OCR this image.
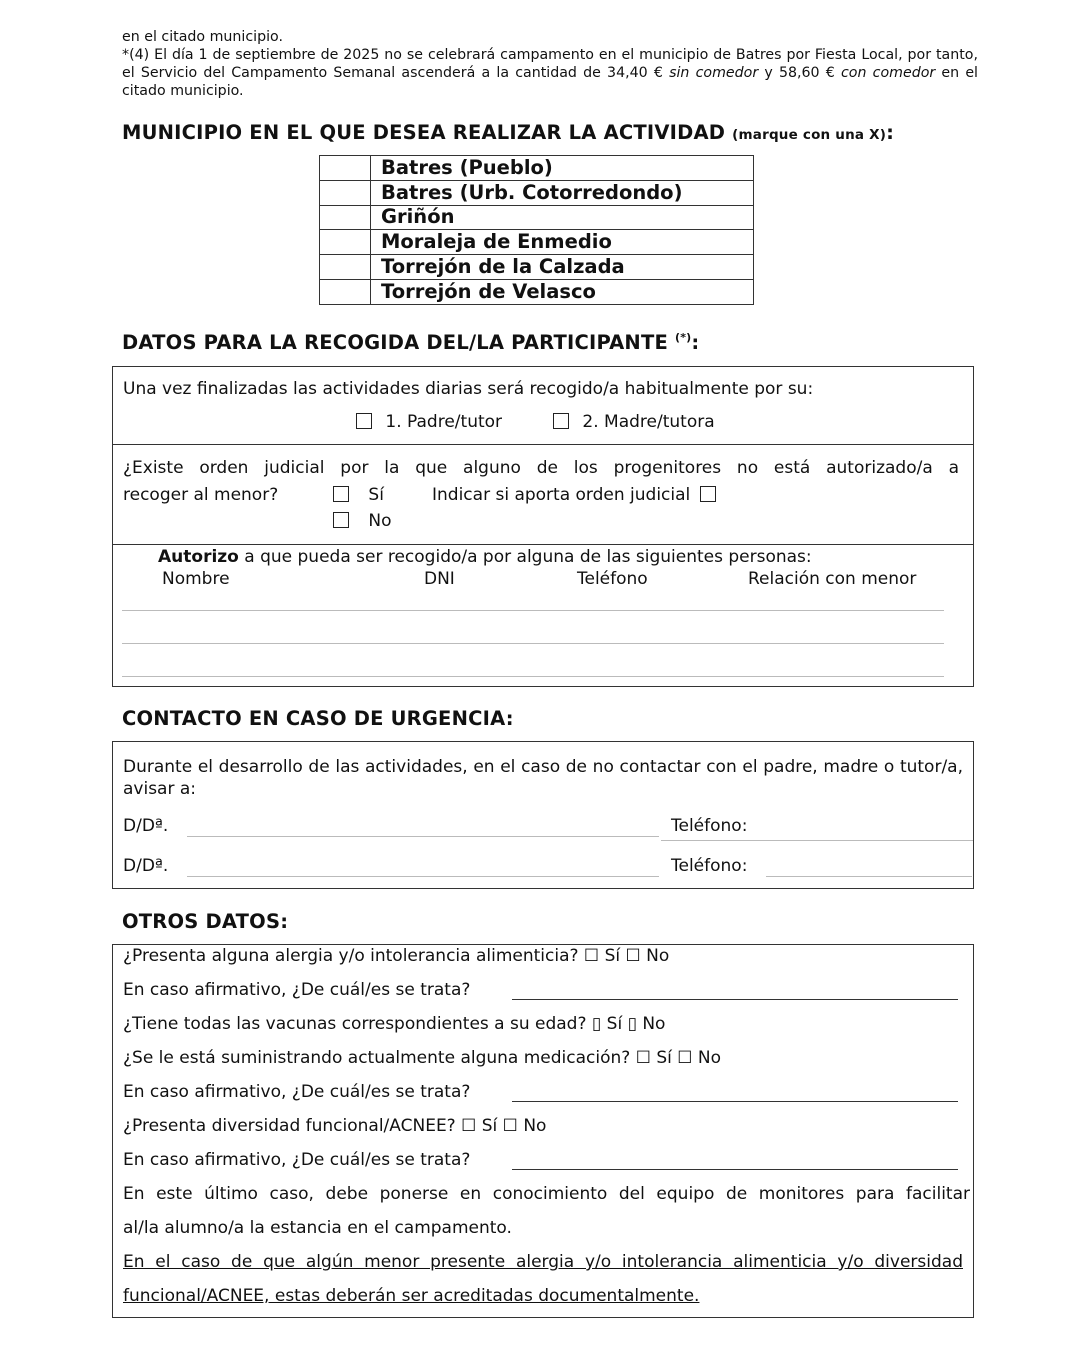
en el citado municipio.

*(4) El día 1 de septiembre de 2025 no se celebrará campamento en el municipio de Batres por Fiesta Local, por tanto, el Servicio del Campamento Semanal ascenderá a la cantidad de 34,40 € sin comedor y 58,60 € con comedor en el citado municipio.

MUNICIPIO EN EL QUE DESEA REALIZAR LA ACTIVIDAD (marque con una X):
	Batres (Pueblo)
	Batres (Urb. Cotorredondo)
	Griñón
	Moraleja de Enmedio
	Torrejón de la Calzada
	Torrejón de Velasco
DATOS PARA LA RECOGIDA DEL/LA PARTICIPANTE (*):
Una vez finalizadas las actividades diarias será recogido/a habitualmente por su:
1. Padre/tutor	2. Madre/tutora
¿Existe orden judicial por la que alguno de los progenitores no está autorizado/a a
recoger al menor?	Sí	Indicar si aporta orden judicial
No
Autorizo a que pueda ser recogido/a por alguna de las siguientes personas:
Nombre	DNI	Teléfono	Relación con menor
CONTACTO EN CASO DE URGENCIA:
Durante el desarrollo de las actividades, en el caso de no contactar con el padre, madre o tutor/a, avisar a:
D/Dª.	Teléfono:
D/Dª.	Teléfono:
OTROS DATOS:
¿Presenta alguna alergia y/o intolerancia alimenticia? ☐ Sí ☐ No
En caso afirmativo, ¿De cuál/es se trata?
¿Tiene todas las vacunas correspondientes a su edad? ▯ Sí ▯ No
¿Se le está suministrando actualmente alguna medicación? ☐ Sí ☐ No
En caso afirmativo, ¿De cuál/es se trata?
¿Presenta diversidad funcional/ACNEE? ☐ Sí ☐ No
En caso afirmativo, ¿De cuál/es se trata?
En este último caso, debe ponerse en conocimiento del equipo de monitores para facilitar
al/la alumno/a la estancia en el campamento.
En el caso de que algún menor presente alergia y/o intolerancia alimenticia y/o diversidad
funcional/ACNEE, estas deberán ser acreditadas documentalmente.
